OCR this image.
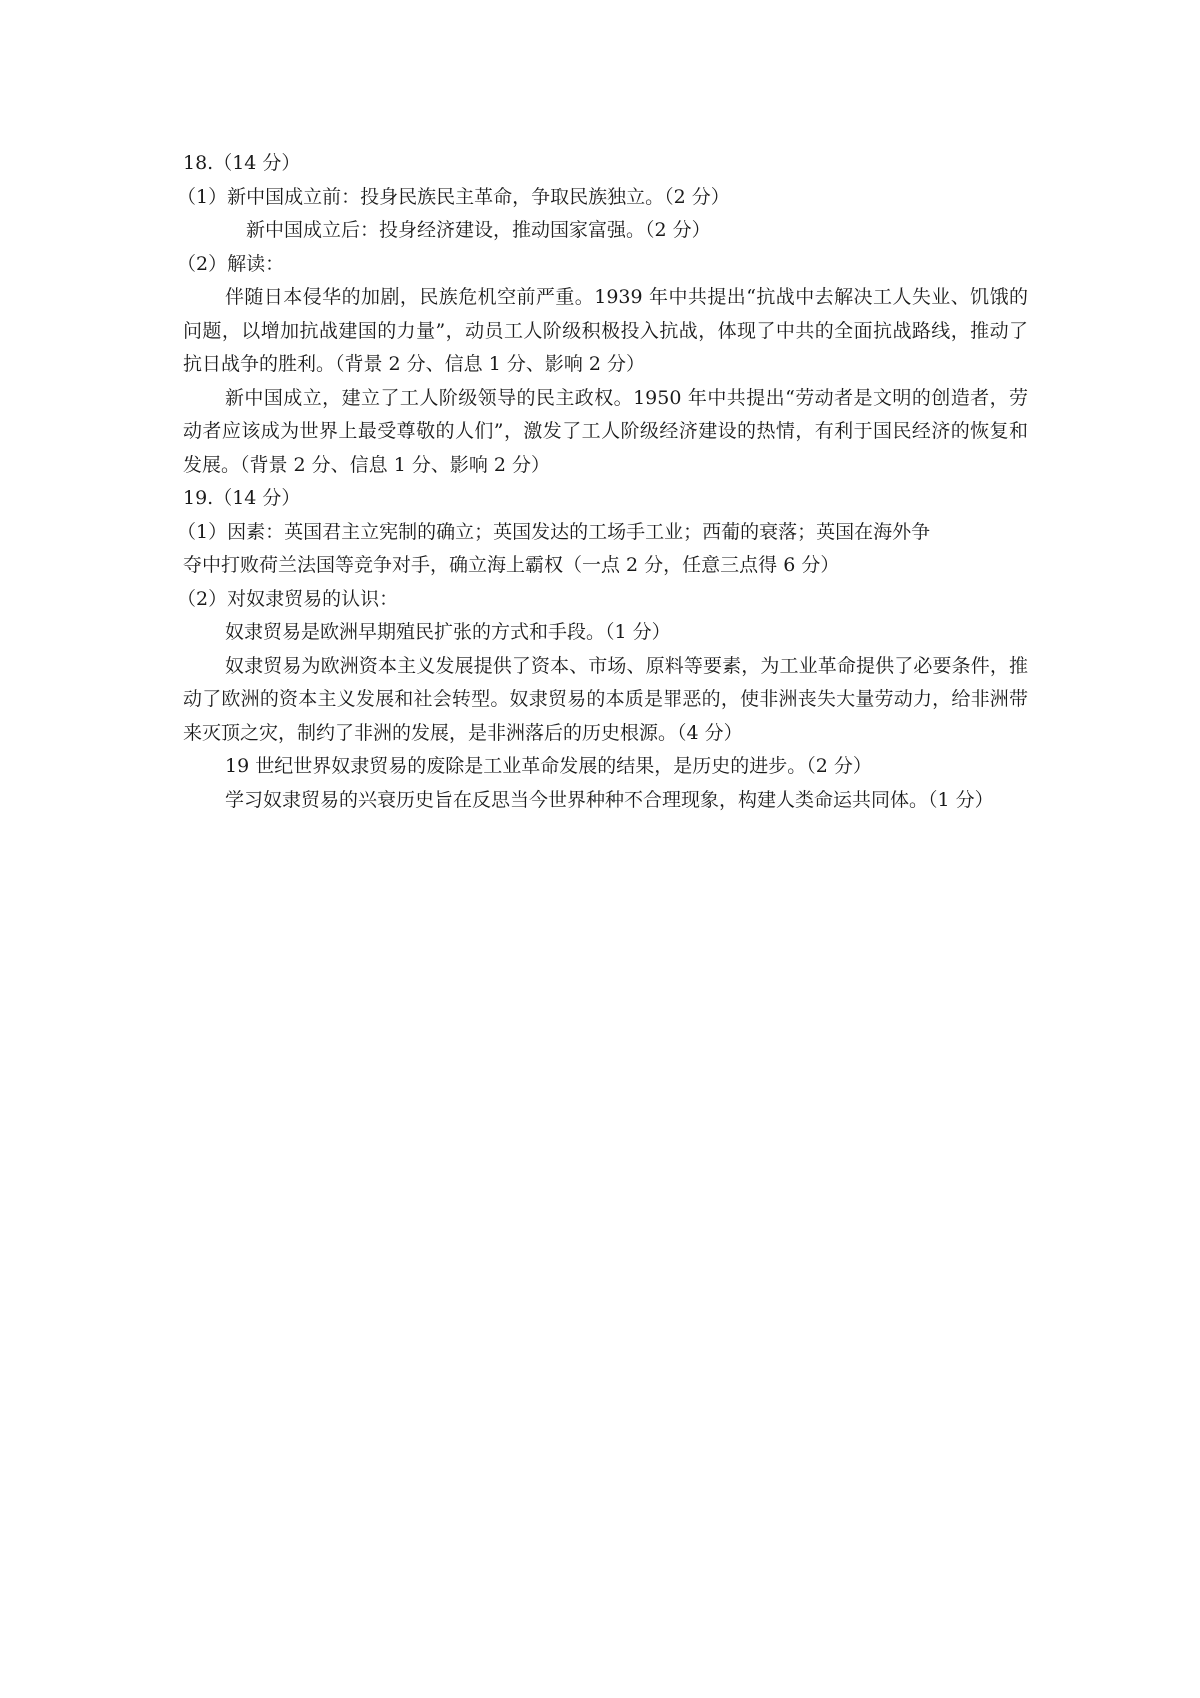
18.（14 分）

（1）新中国成立前：投身民族民主革命，争取民族独立。（2 分）

新中国成立后：投身经济建设，推动国家富强。（2 分）

（2）解读：

伴随日本侵华的加剧，民族危机空前严重。1939 年中共提出“抗战中去解决工人失业、饥饿的问题，以增加抗战建国的力量”，动员工人阶级积极投入抗战，体现了中共的全面抗战路线，推动了抗日战争的胜利。（背景 2 分、信息 1 分、影响 2 分）

新中国成立，建立了工人阶级领导的民主政权。1950 年中共提出“劳动者是文明的创造者，劳动者应该成为世界上最受尊敬的人们”，激发了工人阶级经济建设的热情，有利于国民经济的恢复和发展。（背景 2 分、信息 1 分、影响 2 分）

19.（14 分）

（1）因素：英国君主立宪制的确立；英国发达的工场手工业；西葡的衰落；英国在海外争

夺中打败荷兰法国等竞争对手，确立海上霸权（一点 2 分，任意三点得 6 分）

（2）对奴隶贸易的认识：

奴隶贸易是欧洲早期殖民扩张的方式和手段。（1 分）

奴隶贸易为欧洲资本主义发展提供了资本、市场、原料等要素，为工业革命提供了必要条件，推动了欧洲的资本主义发展和社会转型。奴隶贸易的本质是罪恶的，使非洲丧失大量劳动力，给非洲带来灭顶之灾，制约了非洲的发展，是非洲落后的历史根源。（4 分）

19 世纪世界奴隶贸易的废除是工业革命发展的结果，是历史的进步。（2 分）

学习奴隶贸易的兴衰历史旨在反思当今世界种种不合理现象，构建人类命运共同体。（1 分）
